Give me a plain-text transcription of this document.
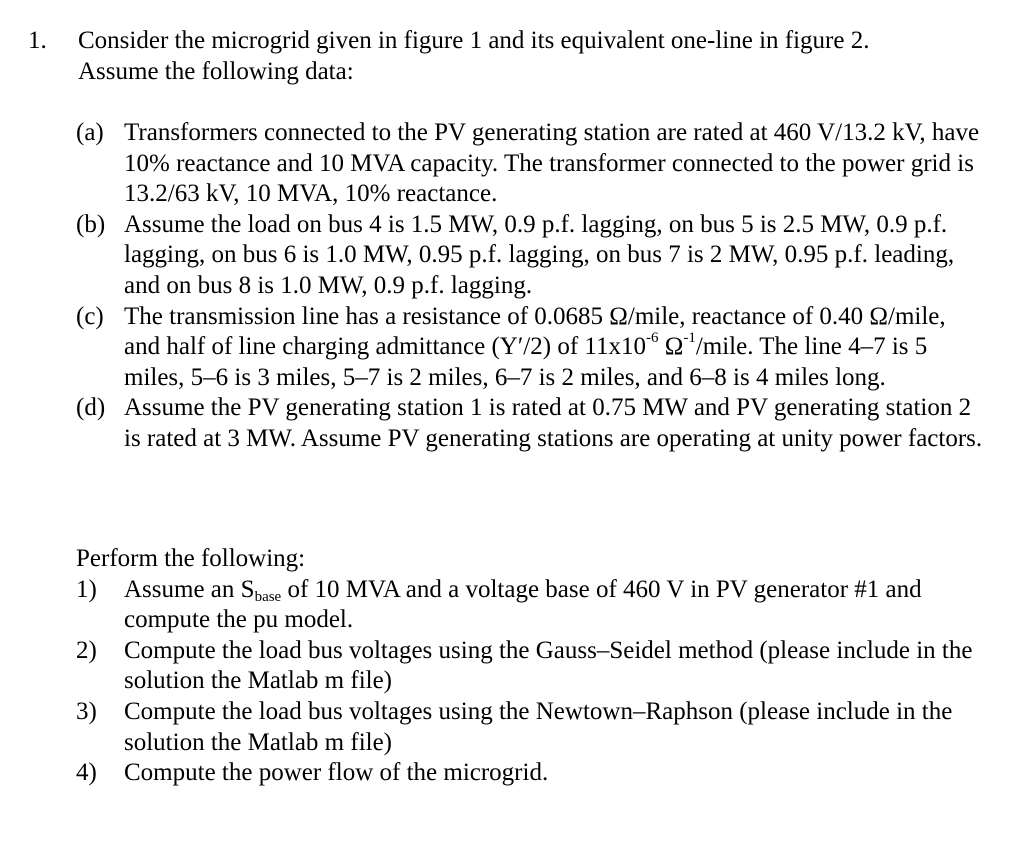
1. Consider the microgrid given in figure 1 and its equivalent one-line in figure 2.
Assume the following data:
(a) Transformers connected to the PV generating station are rated at 460 V/13.2 kV, have 10% reactance and 10 MVA capacity. The transformer connected to the power grid is 13.2/63 kV, 10 MVA, 10% reactance.
(b) Assume the load on bus 4 is 1.5 MW, 0.9 p.f. lagging, on bus 5 is 2.5 MW, 0.9 p.f. lagging, on bus 6 is 1.0 MW, 0.95 p.f. lagging, on bus 7 is 2 MW, 0.95 p.f. leading, and on bus 8 is 1.0 MW, 0.9 p.f. lagging.
(c) The transmission line has a resistance of 0.0685 Ω/mile, reactance of 0.40 Ω/mile, and half of line charging admittance (Y′/2) of $11x10^{-6}$ $\Omega^{-1}$/mile. The line 4–7 is 5 miles, 5–6 is 3 miles, 5–7 is 2 miles, 6–7 is 2 miles, and 6–8 is 4 miles long.
(d) Assume the PV generating station 1 is rated at 0.75 MW and PV generating station 2 is rated at 3 MW. Assume PV generating stations are operating at unity power factors.
Perform the following:
1) Assume an $S_{base}$ of 10 MVA and a voltage base of 460 V in PV generator #1 and compute the pu model.
2) Compute the load bus voltages using the Gauss–Seidel method (please include in the solution the Matlab m file)
3) Compute the load bus voltages using the Newtown–Raphson (please include in the solution the Matlab m file)
4) Compute the power flow of the microgrid.
